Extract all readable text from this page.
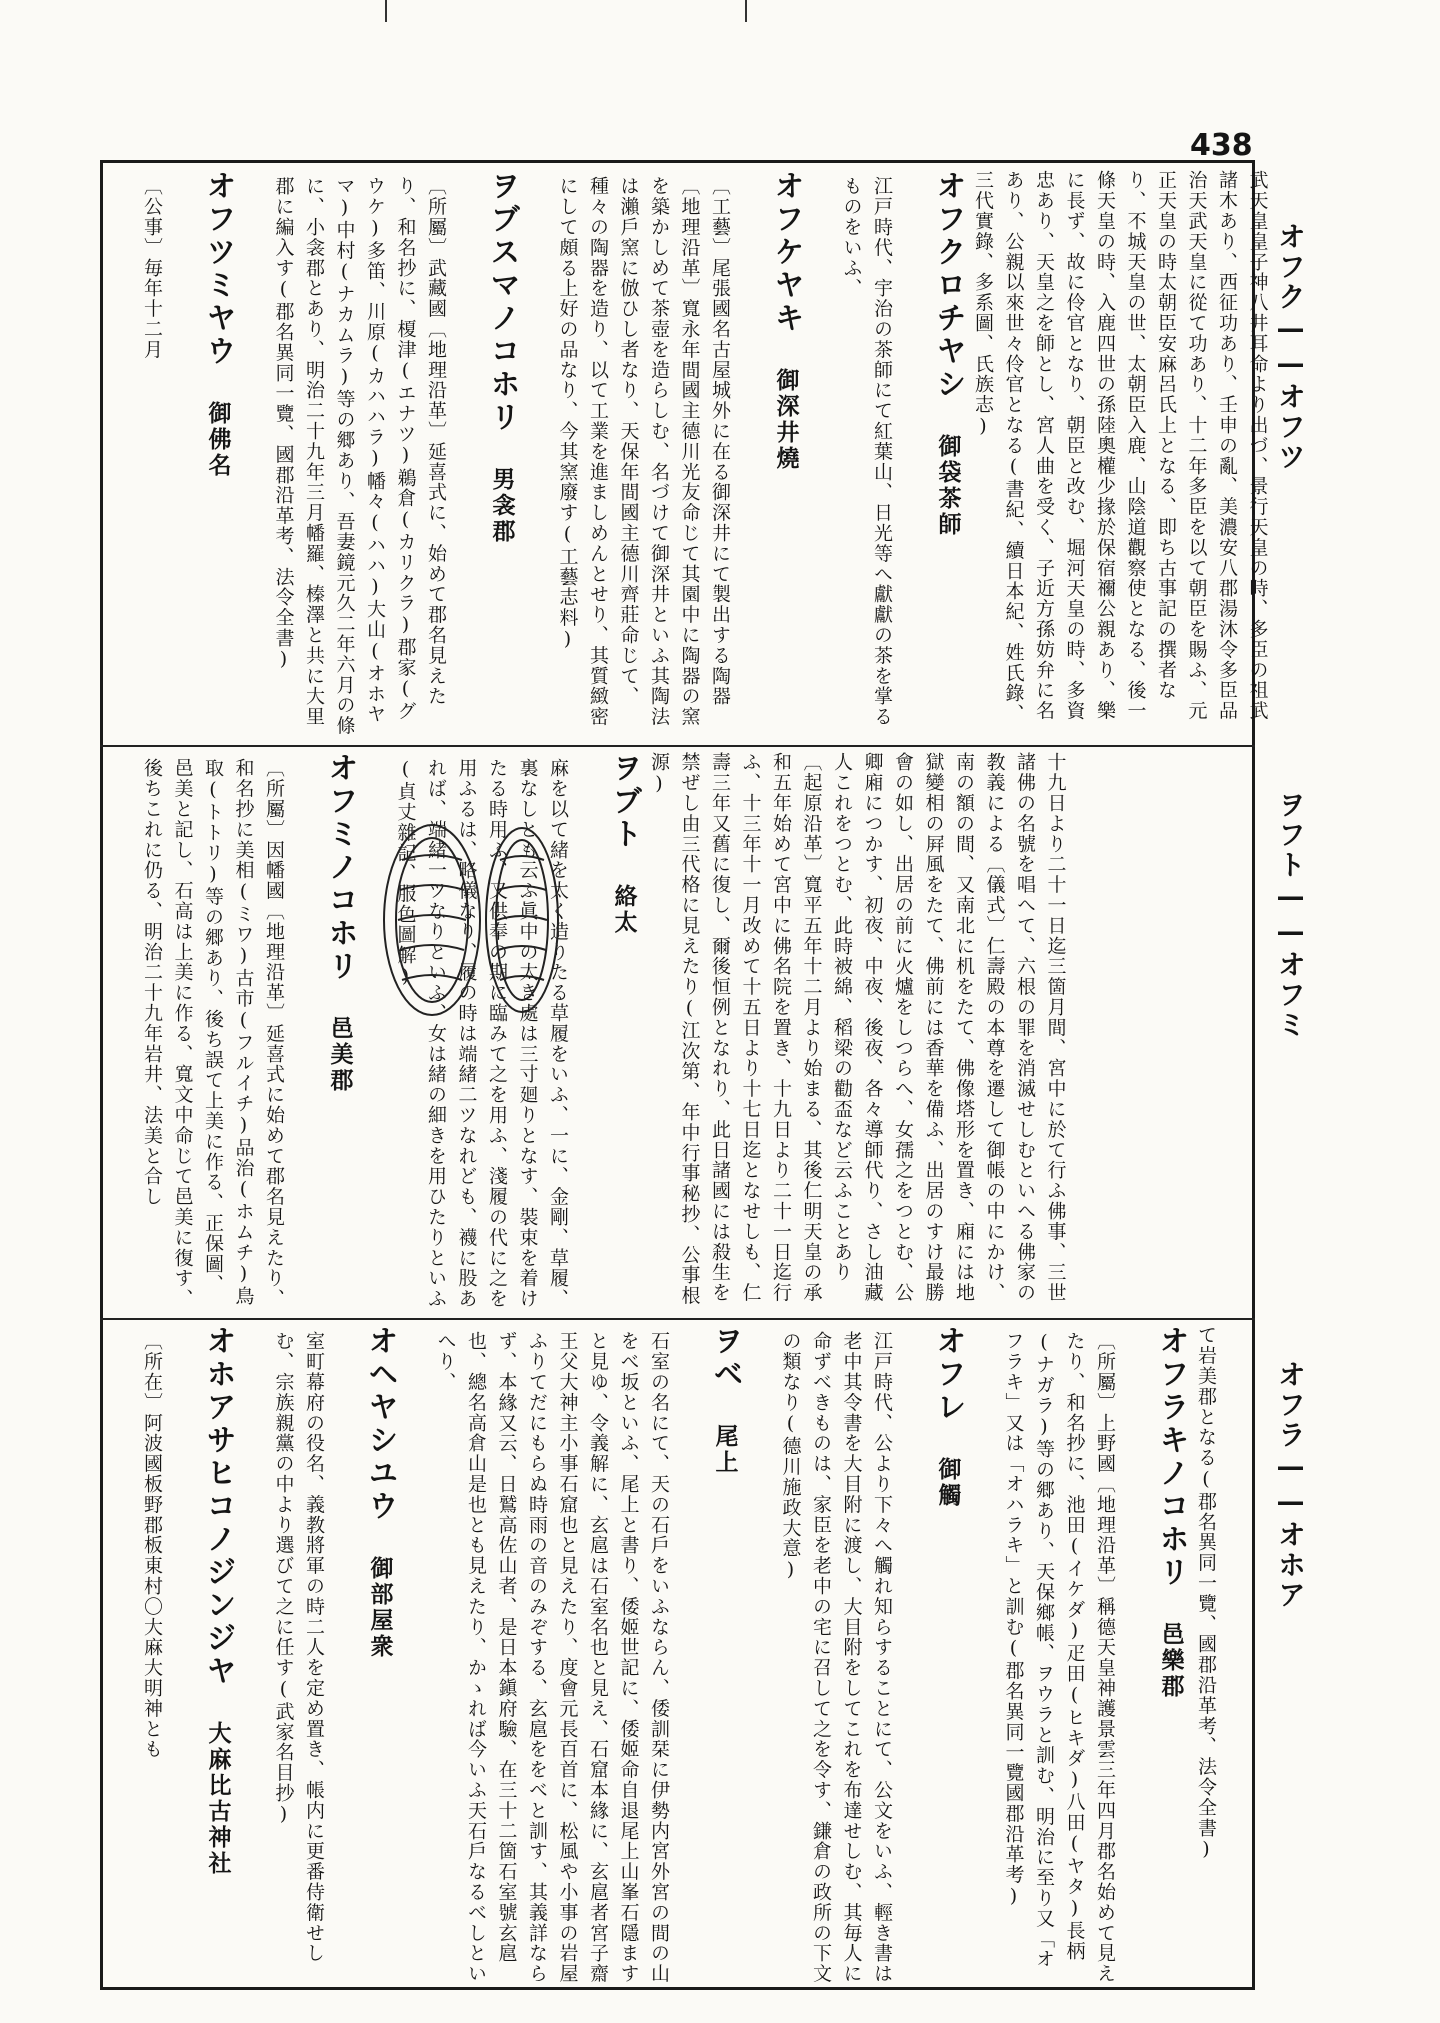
438
オフク——オフツ
ヲフト——オフミ
オフラ——オホア

武天皇皇子神八井耳命より出づ、景行天皇の時、多臣の祖武諸木あり、西征功あり、壬申の亂、美濃安八郡湯沐令多臣品治天武天皇に從て功あり、十二年多臣を以て朝臣を賜ふ、元正天皇の時太朝臣安麻呂氏上となる、即ち古事記の撰者なり、不城天皇の世、太朝臣入鹿、山陰道觀察使となる、後一條天皇の時、入鹿四世の孫陸奧權少掾於保宿禰公親あり、樂に長ず、故に伶官となり、朝臣と改む、堀河天皇の時、多資忠あり、天皇之を師とし、宮人曲を受く、子近方孫妨弁に名あり、公親以來世々伶官となる(書紀、續日本紀、姓氏錄、三代實錄、多系圖、氏族志)

オフクロチヤシ　御袋茶師

江戸時代、宇治の茶師にて紅葉山、日光等へ獻獻の茶を掌るものをいふ、

オフケヤキ　御深井燒

〔工藝〕尾張國名古屋城外に在る御深井にて製出する陶器〔地理沿革〕寬永年間國主德川光友命じて其園中に陶器の窯を築かしめて茶壺を造らしむ、名づけて御深井といふ其陶法は瀨戶窯に倣ひし者なり、天保年間國主德川齊莊命じて、種々の陶器を造り、以て工業を進ましめんとせり、其質緻密にして頗る上好の品なり、今其窯廢す(工藝志料)

ヲブスマノコホリ　男衾郡

〔所屬〕武藏國〔地理沿革〕延喜式に、始めて郡名見えたり、和名抄に、榎津(エナツ)鵜倉(カリクラ)郡家(グウケ)多笛、川原(カハハラ)幡々(ハハ)大山(オホヤマ)中村(ナカムラ)等の郷あり、吾妻鏡元久二年六月の條に、小衾郡とあり、明治二十九年三月幡羅、榛澤と共に大里郡に編入す(郡名異同一覽、國郡沿革考、法令全書)

オフツミヤウ　御佛名

〔公事〕毎年十二月

十九日より二十一日迄三箇月間、宮中に於て行ふ佛事、三世諸佛の名號を唱へて、六根の罪を消滅せしむといへる佛家の教義による〔儀式〕仁壽殿の本尊を遷して御帳の中にかけ、南の額の間、又南北に机をたて、佛像塔形を置き、廂には地獄變相の屛風をたて、佛前には香華を備ふ、出居のすけ最勝會の如し、出居の前に火爐をしつらへ、女孺之をつとむ、公卿廂につかす、初夜、中夜、後夜、各々導師代り、さし油藏人これをつとむ、此時被綿、稻梁の勸盃など云ふことあり〔起原沿革〕寬平五年十二月より始まる、其後仁明天皇の承和五年始めて宮中に佛名院を置き、十九日より二十一日迄行ふ、十三年十一月改めて十五日より十七日迄となせしも、仁壽三年又舊に復し、爾後恒例となれり、此日諸國には殺生を禁ぜし由三代格に見えたり(江次第、年中行事秘抄、公事根源)

ヲブト　絡太

麻を以て緒を太く造りたる草履をいふ、一に、金剛、草履、裏なしとも云ふ眞中の太き處は三寸廻りとなす、裝束を着けたる時用ふ、又供奉の期に臨みて之を用ふ、淺履の代に之を用ふるは、略儀なり、履の時は端緒二ツなれども、襪に股あれば、端緒一ツなりといふ、女は緒の細きを用ひたりといふ(貞丈雜記、服色圖解)

オフミノコホリ　邑美郡

〔所屬〕因幡國〔地理沿革〕延喜式に始めて郡名見えたり、和名抄に美相(ミワ)古市(フルイチ)品治(ホムチ)鳥取(トトリ)等の郷あり、後ち誤て上美に作る、正保圖、邑美と記し、石高は上美に作る、寬文中命じて邑美に復す、後ちこれに仍る、明治二十九年岩井、法美と合し

て岩美郡となる(郡名異同一覽、國郡沿革考、法令全書)

オフラキノコホリ　邑樂郡

〔所屬〕上野國〔地理沿革〕稱德天皇神護景雲三年四月郡名始めて見えたり、和名抄に、池田(イケダ)疋田(ヒキダ)八田(ヤタ)長柄(ナガラ)等の郷あり、天保鄉帳、ヲウラと訓む、明治に至り又「オフラキ」又は「オハラキ」と訓む(郡名異同一覽國郡沿革考)

オフレ　御觸

江戸時代、公より下々へ觸れ知らすることにて、公文をいふ、輕き書は老中其令書を大目附に渡し、大目附をしてこれを布達せしむ、其毎人に命ずべきものは、家臣を老中の宅に召して之を令す、鎌倉の政所の下文の類なり(德川施政大意)

ヲベ　尾上

石室の名にて、天の石戶をいふならん、倭訓栞に伊勢内宮外宮の間の山をべ坂といふ、尾上と書り、倭姬世記に、倭姬命自退尾上山峯石隱ますと見ゆ、令義解に、玄扈は石室名也と見え、石窟本緣に、玄扈者宮子齋王父大神主小事石窟也と見えたり、度會元長百首に、松風や小事の岩屋ふりてだにもらぬ時雨の音のみぞする、玄扈ををべと訓す、其義詳ならず、本緣又云、日鷲高佐山者、是日本鎭府驗、在三十二箇石室號玄扈也、總名高倉山是也とも見えたり、かゝれば今いふ天石戶なるべしといへり、

オヘヤシユウ　御部屋衆

室町幕府の役名、義教將軍の時二人を定め置き、帳内に更番侍衛せしむ、宗族親黨の中より選びて之に任す(武家名目抄)

オホアサヒコノジンジヤ　大麻比古神社

〔所在〕阿波國板野郡板東村〇大麻大明神とも
